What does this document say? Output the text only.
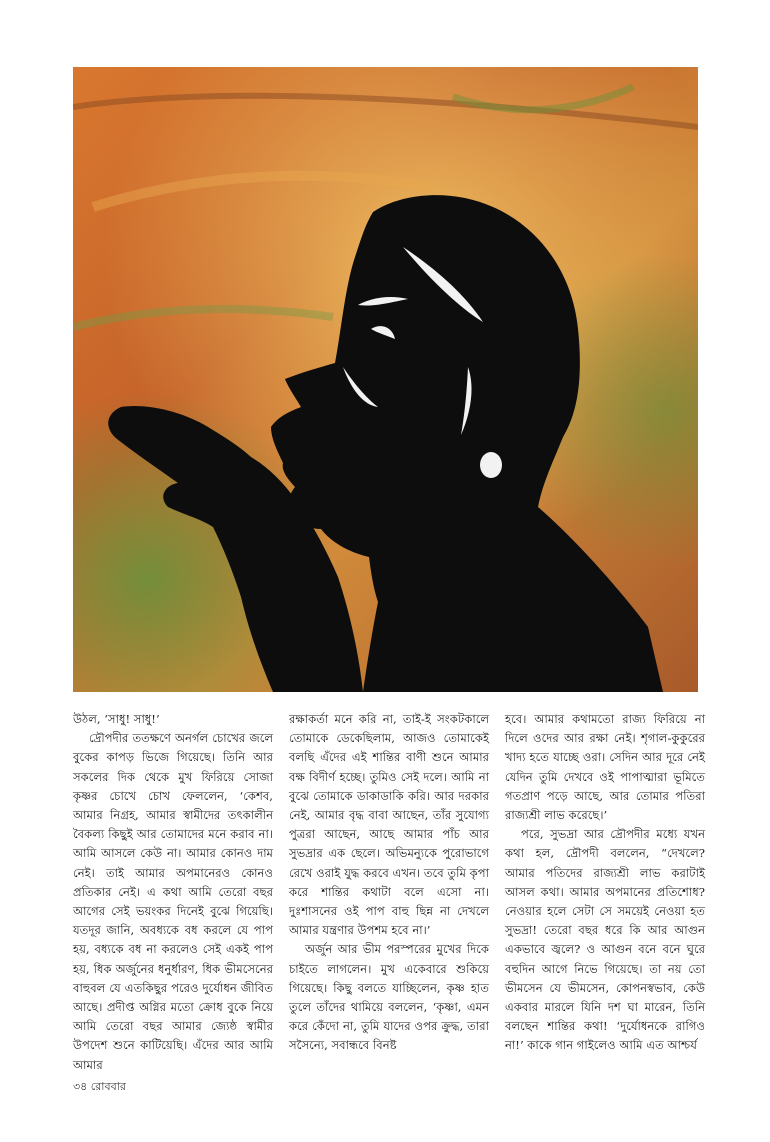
উঠল, ‘সাধু! সাধু!’

দ্রৌপদীর ততক্ষণে অনর্গল চোখের জলে বুকের কাপড় ভিজে গিয়েছে। তিনি আর সকলের দিক থেকে মুখ ফিরিয়ে সোজা কৃষ্ণর চোখে চোখ ফেললেন, ‘কেশব, আমার নিগ্রহ, আমার স্বামীদের তৎকালীন বৈকল্য কিছুই আর তোমাদের মনে করাব না। আমি আসলে কেউ না। আমার কোনও দাম নেই। তাই আমার অপমানেরও কোনও প্রতিকার নেই। এ কথা আমি তেরো বছর আগের সেই ভয়ংকর দিনেই বুঝে গিয়েছি। যতদূর জানি, অবধ্যকে বধ করলে যে পাপ হয়, বধ্যকে বধ না করলেও সেই একই পাপ হয়, ধিক অর্জুনের ধনুর্ধারণ, ধিক ভীমসেনের বাহুবল যে এতকিছুর পরেও দুর্যোধন জীবিত আছে। প্রদীপ্ত অগ্নির মতো ক্রোধ বুকে নিয়ে আমি তেরো বছর আমার জ্যেষ্ঠ স্বামীর উপদেশ শুনে কাটিয়েছি। এঁদের আর আমি আমার

রক্ষাকর্তা মনে করি না, তাই-ই সংকটকালে তোমাকে ডেকেছিলাম, আজও তোমাকেই বলছি এঁদের এই শান্তির বাণী শুনে আমার বক্ষ বিদীর্ণ হচ্ছে। তুমিও সেই দলে। আমি না বুঝে তোমাকে ডাকাডাকি করি। আর দরকার নেই, আমার বৃদ্ধ বাবা আছেন, তাঁর সুযোগ্য পুত্ররা আছেন, আছে আমার পাঁচ আর সুভদ্রার এক ছেলে। অভিমন্যুকে পুরোভাগে রেখে ওরাই যুদ্ধ করবে এখন। তবে তুমি কৃপা করে শান্তির কথাটা বলে এসো না। দুঃশাসনের ওই পাপ বাহু ছিন্ন না দেখলে আমার যন্ত্রণার উপশম হবে না।’

অর্জুন আর ভীম পরস্পরের মুখের দিকে চাইতে লাগলেন। মুখ একেবারে শুকিয়ে গিয়েছে। কিছু বলতে যাচ্ছিলেন, কৃষ্ণ হাত তুলে তাঁদের থামিয়ে বললেন, ‘কৃষ্ণা, এমন করে কেঁদো না, তুমি যাদের ওপর ক্রুদ্ধ, তারা সসৈন্যে, সবান্ধবে বিনষ্ট

হবে। আমার কথামতো রাজ্য ফিরিয়ে না দিলে ওদের আর রক্ষা নেই। শৃগাল-কুকুরের খাদ্য হতে যাচ্ছে ওরা। সেদিন আর দূরে নেই যেদিন তুমি দেখবে ওই পাপাত্মারা ভূমিতে গতপ্রাণ পড়ে আছে, আর তোমার পতিরা রাজ্যশ্রী লাভ করেছে।’

পরে, সুভদ্রা আর দ্রৌপদীর মধ্যে যখন কথা হল, দ্রৌপদী বললেন, “দেখলে? আমার পতিদের রাজ্যশ্রী লাভ করাটাই আসল কথা। আমার অপমানের প্রতিশোধ? নেওয়ার হলে সেটা সে সময়েই নেওয়া হত সুভদ্রা! তেরো বছর ধরে কি আর আগুন একভাবে জ্বলে? ও আগুন বনে বনে ঘুরে বহুদিন আগে নিভে গিয়েছে। তা নয় তো ভীমসেন যে ভীমসেন, কোপনস্বভাব, কেউ একবার মারলে যিনি দশ ঘা মারেন, তিনি বলছেন শান্তির কথা! ‘দুর্যোধনকে রাগিও না!’ কাকে গান গাইলেও আমি এত আশ্চর্য

৩৪ রোববার
